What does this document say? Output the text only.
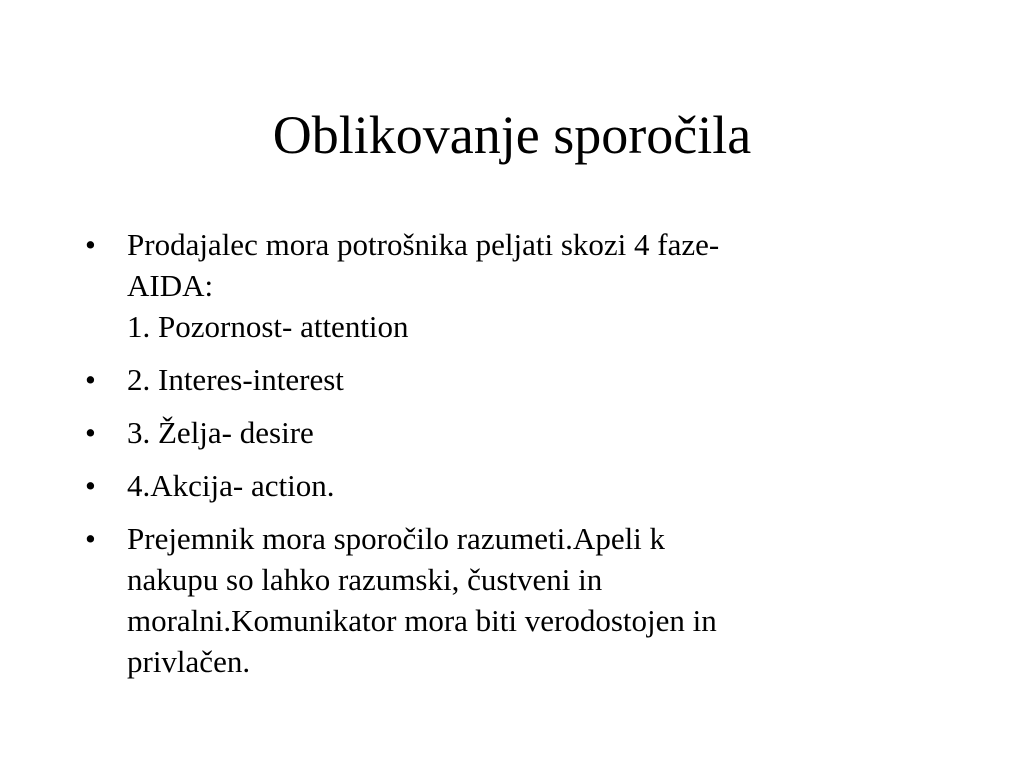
Oblikovanje sporočila
• Prodajalec mora potrošnika peljati skozi 4 faze-
AIDA:
1. Pozornost- attention
• 2. Interes-interest
• 3. Želja- desire
• 4.Akcija- action.
• Prejemnik mora sporočilo razumeti.Apeli k
nakupu so lahko razumski, čustveni in
moralni.Komunikator mora biti verodostojen in
privlačen.
